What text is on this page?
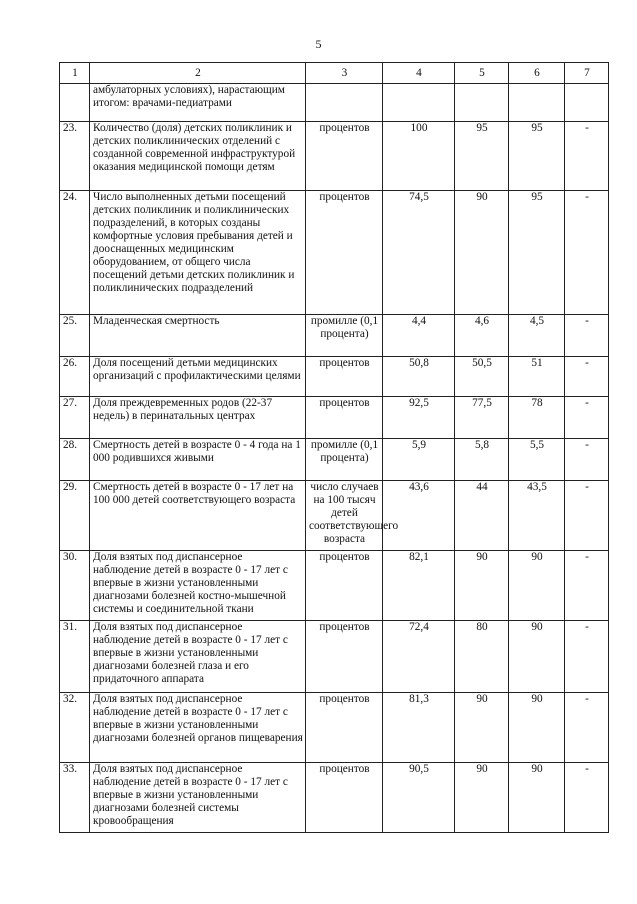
5
1	2	3	4	5	6	7
	амбулаторных условиях), нарастающим итогом: врачами-педиатрами					
23.	Количество (доля) детских поликлиник и детских поликлинических отделений с созданной современной инфраструктурой оказания медицинской помощи детям	процентов	100	95	95	-
24.	Число выполненных детьми посещений детских поликлиник и поликлинических подразделений, в которых созданы комфортные условия пребывания детей и дооснащенных медицинским оборудованием, от общего числа посещений детьми детских поликлиник и поликлинических подразделений	процентов	74,5	90	95	-
25.	Младенческая смертность	промилле (0,1 процента)	4,4	4,6	4,5	-
26.	Доля посещений детьми медицинских организаций с профилактическими целями	процентов	50,8	50,5	51	-
27.	Доля преждевременных родов (22-37 недель) в перинатальных центрах	процентов	92,5	77,5	78	-
28.	Смертность детей в возрасте 0 - 4 года на 1 000 родившихся живыми	промилле (0,1 процента)	5,9	5,8	5,5	-
29.	Смертность детей в возрасте 0 - 17 лет на 100 000 детей соответствующего возраста	число случаев на 100 тысяч детей соответствующего возраста	43,6	44	43,5	-
30.	Доля взятых под диспансерное наблюдение детей в возрасте 0 - 17 лет с впервые в жизни установленными диагнозами болезней костно-мышечной системы и соединительной ткани	процентов	82,1	90	90	-
31.	Доля взятых под диспансерное наблюдение детей в возрасте 0 - 17 лет с впервые в жизни установленными диагнозами болезней глаза и его придаточного аппарата	процентов	72,4	80	90	-
32.	Доля взятых под диспансерное наблюдение детей в возрасте 0 - 17 лет с впервые в жизни установленными диагнозами болезней органов пищеварения	процентов	81,3	90	90	-
33.	Доля взятых под диспансерное наблюдение детей в возрасте 0 - 17 лет с впервые в жизни установленными диагнозами болезней системы кровообращения	процентов	90,5	90	90	-
